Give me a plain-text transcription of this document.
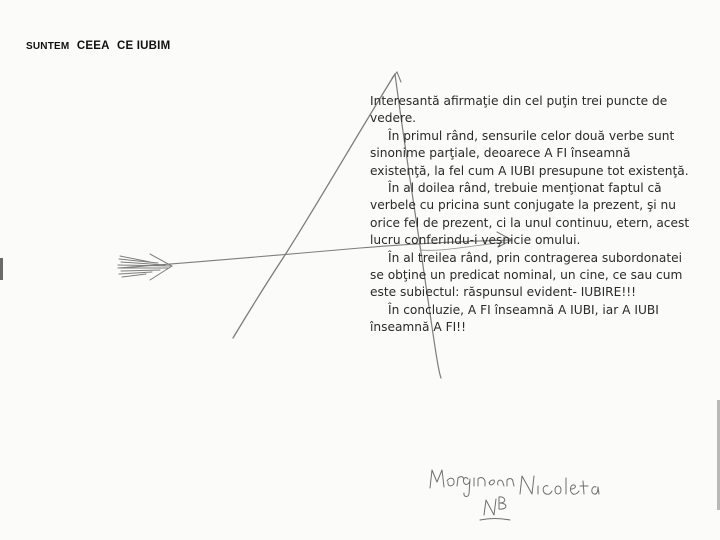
SUNTEM CEEA CE IUBIM

Interesantă afirmaţie din cel puţin trei puncte de vedere.

În primul rând, sensurile celor două verbe sunt sinonime parţiale, deoarece A FI înseamnă existenţă, la fel cum A IUBI presupune tot existenţă.

În al doilea rând, trebuie menţionat faptul că verbele cu pricina sunt conjugate la prezent, şi nu orice fel de prezent, ci la unul continuu, etern, acest lucru conferindu-i veşnicie omului.

În al treilea rând, prin contragerea subordonatei se obţine un predicat nominal, un cine, ce sau cum este subiectul: răspunsul evident- IUBIRE!!!

În concluzie, A FI înseamnă A IUBI, iar A IUBI înseamnă A FI!!
